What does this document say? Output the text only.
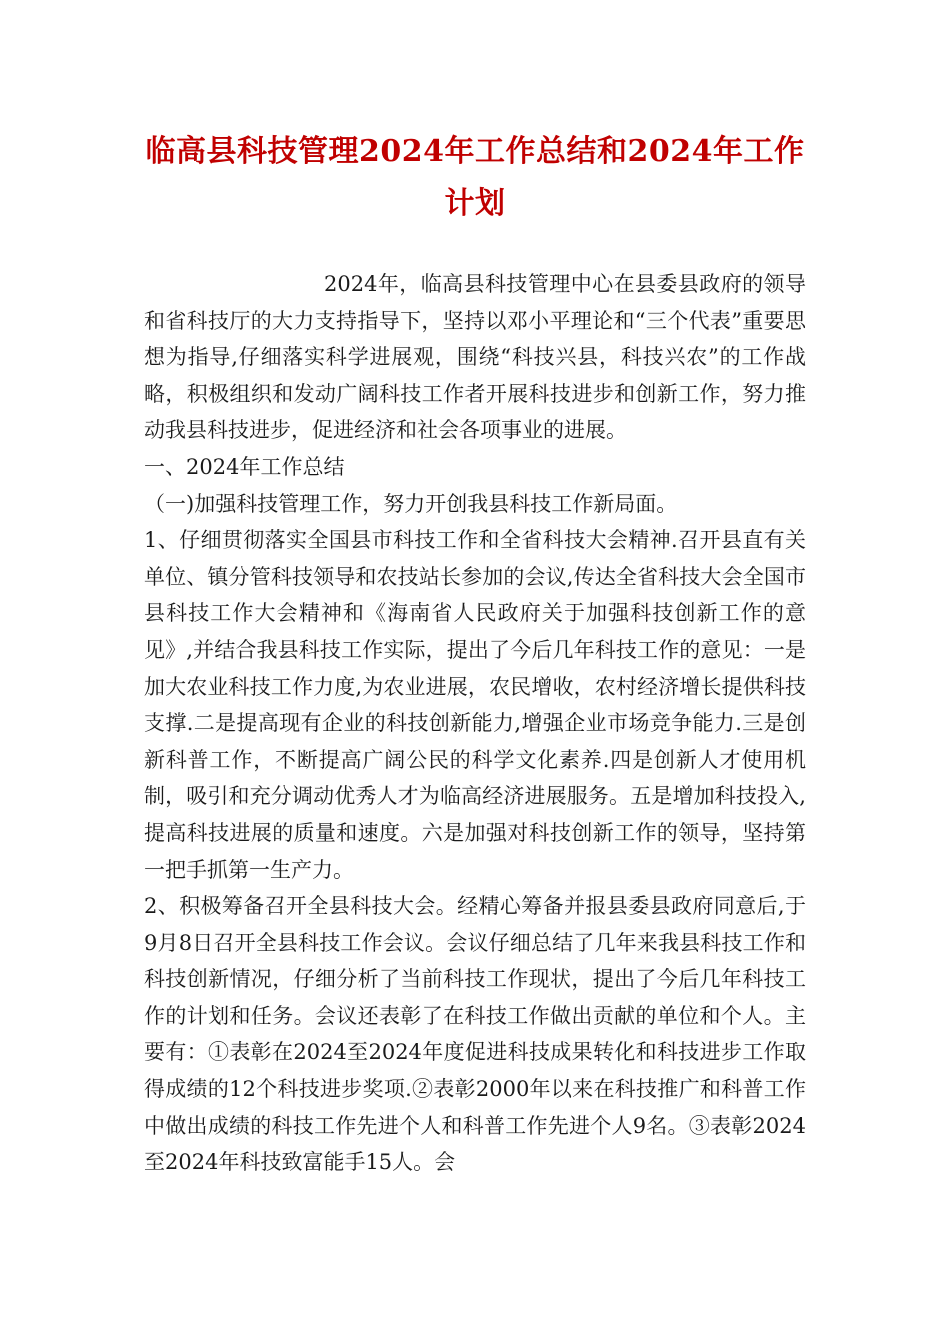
临高县科技管理2024年工作总结和2024年工作
计划

2024年，临高县科技管理中心在县委县政府的领导和省科技厅的大力支持指导下，坚持以邓小平理论和“三个代表”重要思想为指导,仔细落实科学进展观，围绕“科技兴县，科技兴农”的工作战略，积极组织和发动广阔科技工作者开展科技进步和创新工作，努力推动我县科技进步，促进经济和社会各项事业的进展。

一、2024年工作总结

（一)加强科技管理工作，努力开创我县科技工作新局面。

1、仔细贯彻落实全国县市科技工作和全省科技大会精神.召开县直有关单位、镇分管科技领导和农技站长参加的会议,传达全省科技大会全国市县科技工作大会精神和《海南省人民政府关于加强科技创新工作的意见》,并结合我县科技工作实际，提出了今后几年科技工作的意见：一是加大农业科技工作力度,为农业进展，农民增收，农村经济增长提供科技支撑.二是提高现有企业的科技创新能力,增强企业市场竞争能力.三是创新科普工作，不断提高广阔公民的科学文化素养.四是创新人才使用机制，吸引和充分调动优秀人才为临高经济进展服务。五是增加科技投入,提高科技进展的质量和速度。六是加强对科技创新工作的领导，坚持第一把手抓第一生产力。

2、积极筹备召开全县科技大会。经精心筹备并报县委县政府同意后,于9月8日召开全县科技工作会议。会议仔细总结了几年来我县科技工作和科技创新情况，仔细分析了当前科技工作现状，提出了今后几年科技工作的计划和任务。会议还表彰了在科技工作做出贡献的单位和个人。主要有：①表彰在2024至2024年度促进科技成果转化和科技进步工作取得成绩的12个科技进步奖项.②表彰2000年以来在科技推广和科普工作中做出成绩的科技工作先进个人和科普工作先进个人9名。③表彰2024至2024年科技致富能手15人。会
